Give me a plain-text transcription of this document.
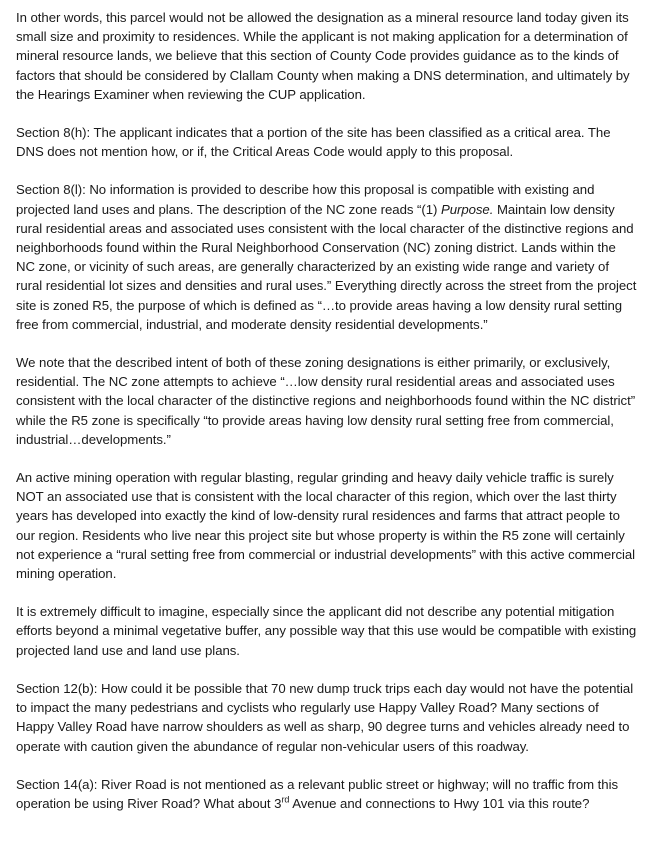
In other words, this parcel would not be allowed the designation as a mineral resource land today given its small size and proximity to residences. While the applicant is not making application for a determination of mineral resource lands, we believe that this section of County Code provides guidance as to the kinds of factors that should be considered by Clallam County when making a DNS determination, and ultimately by the Hearings Examiner when reviewing the CUP application.

Section 8(h): The applicant indicates that a portion of the site has been classified as a critical area. The DNS does not mention how, or if, the Critical Areas Code would apply to this proposal.

Section 8(l): No information is provided to describe how this proposal is compatible with existing and projected land uses and plans. The description of the NC zone reads “(1) Purpose. Maintain low density rural residential areas and associated uses consistent with the local character of the distinctive regions and neighborhoods found within the Rural Neighborhood Conservation (NC) zoning district. Lands within the NC zone, or vicinity of such areas, are generally characterized by an existing wide range and variety of rural residential lot sizes and densities and rural uses.” Everything directly across the street from the project site is zoned R5, the purpose of which is defined as “…to provide areas having a low density rural setting free from commercial, industrial, and moderate density residential developments.”

We note that the described intent of both of these zoning designations is either primarily, or exclusively, residential. The NC zone attempts to achieve “…low density rural residential areas and associated uses consistent with the local character of the distinctive regions and neighborhoods found within the NC district” while the R5 zone is specifically “to provide areas having low density rural setting free from commercial, industrial…developments.”

An active mining operation with regular blasting, regular grinding and heavy daily vehicle traffic is surely NOT an associated use that is consistent with the local character of this region, which over the last thirty years has developed into exactly the kind of low-density rural residences and farms that attract people to our region. Residents who live near this project site but whose property is within the R5 zone will certainly not experience a “rural setting free from commercial or industrial developments” with this active commercial mining operation.

It is extremely difficult to imagine, especially since the applicant did not describe any potential mitigation efforts beyond a minimal vegetative buffer, any possible way that this use would be compatible with existing projected land use and land use plans.

Section 12(b): How could it be possible that 70 new dump truck trips each day would not have the potential to impact the many pedestrians and cyclists who regularly use Happy Valley Road? Many sections of Happy Valley Road have narrow shoulders as well as sharp, 90 degree turns and vehicles already need to operate with caution given the abundance of regular non-vehicular users of this roadway.

Section 14(a): River Road is not mentioned as a relevant public street or highway; will no traffic from this operation be using River Road? What about 3rd Avenue and connections to Hwy 101 via this route?
